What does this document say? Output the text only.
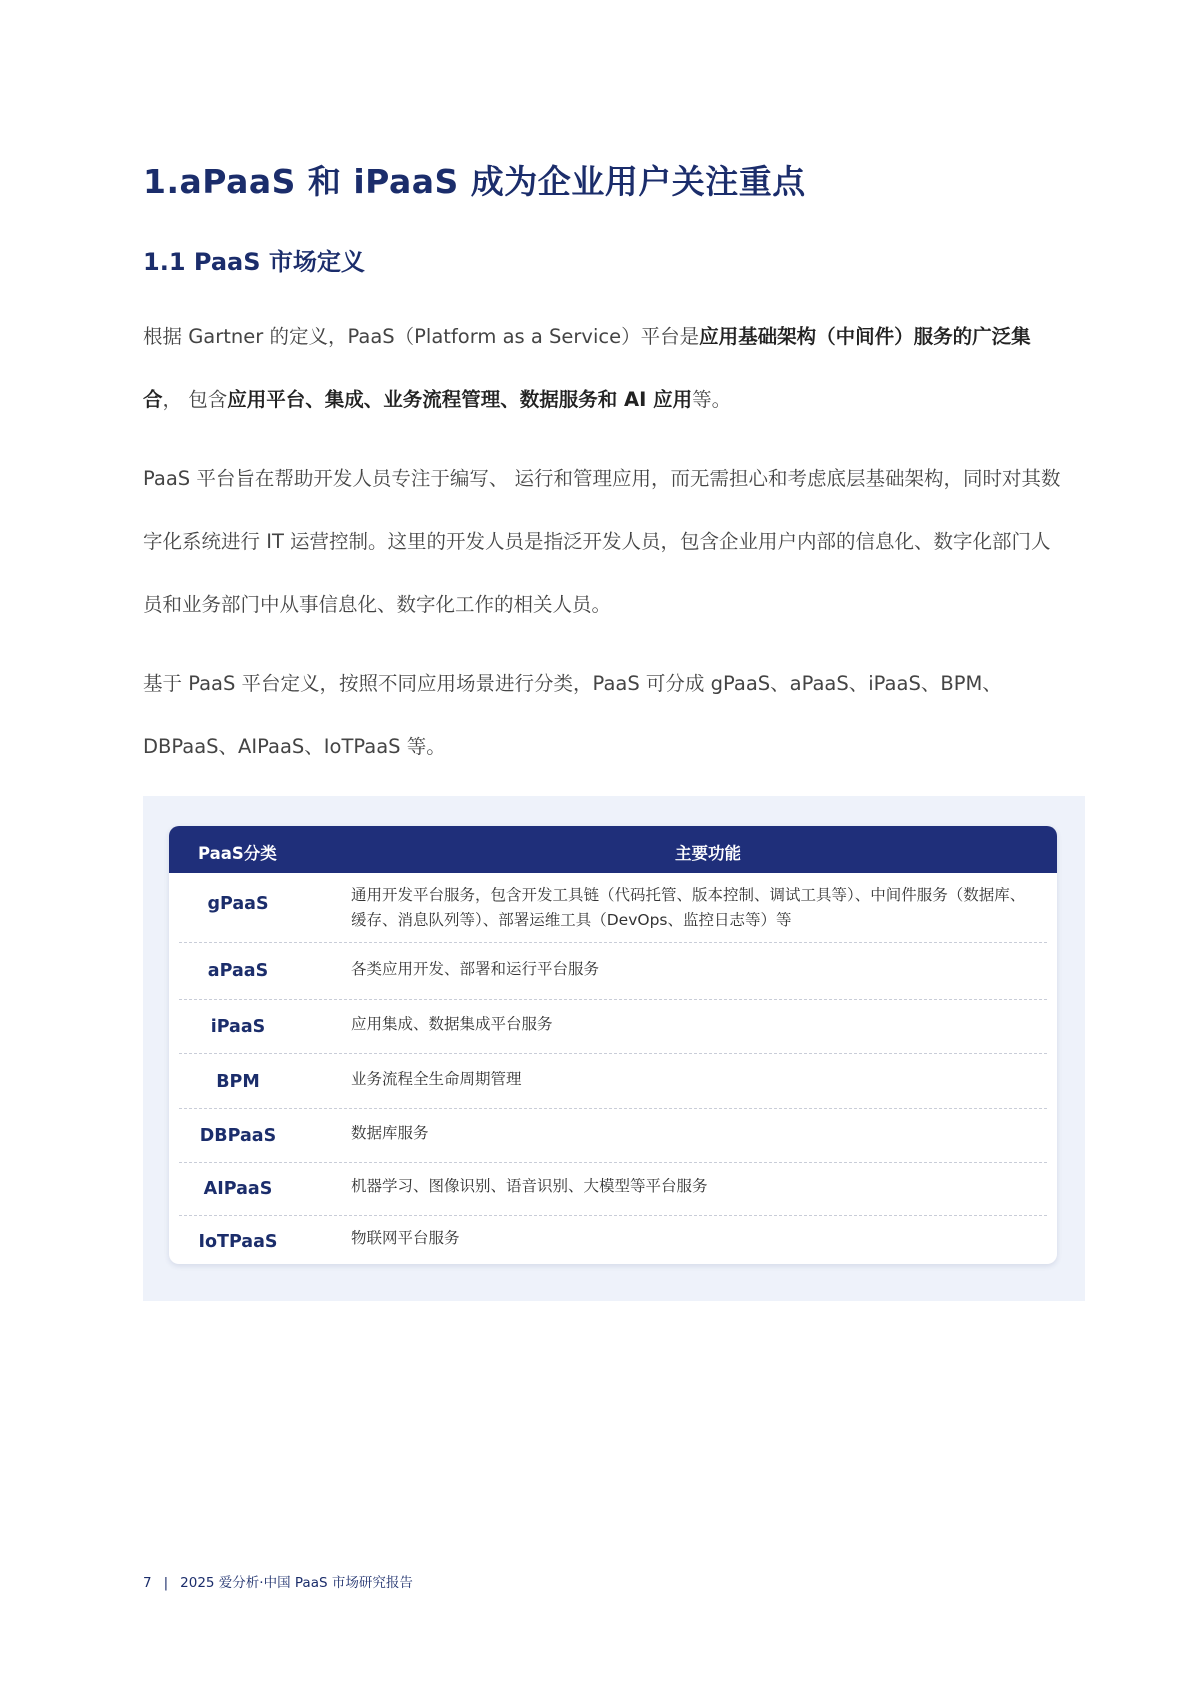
1.aPaaS 和 iPaaS 成为企业用户关注重点
1.1 PaaS 市场定义

根据 Gartner 的定义，PaaS（Platform as a Service）平台是应用基础架构（中间件）服务的广泛集合， 包含应用平台、集成、业务流程管理、数据服务和 AI 应用等。

PaaS 平台旨在帮助开发人员专注于编写、 运行和管理应用，而无需担心和考虑底层基础架构，同时对其数字化系统进行 IT 运营控制。这里的开发人员是指泛开发人员，包含企业用户内部的信息化、数字化部门人员和业务部门中从事信息化、数字化工作的相关人员。

基于 PaaS 平台定义，按照不同应用场景进行分类，PaaS 可分成 gPaaS、aPaaS、iPaaS、BPM、DBPaaS、AIPaaS、IoTPaaS 等。

PaaS分类	主要功能
gPaaS	通用开发平台服务，包含开发工具链（代码托管、版本控制、调试工具等）、中间件服务（数据库、缓存、消息队列等）、部署运维工具（DevOps、监控日志等）等
aPaaS	各类应用开发、部署和运行平台服务
iPaaS	应用集成、数据集成平台服务
BPM	业务流程全生命周期管理
DBPaaS	数据库服务
AIPaaS	机器学习、图像识别、语音识别、大模型等平台服务
IoTPaaS	物联网平台服务
7 | 2025 爱分析·中国 PaaS 市场研究报告
